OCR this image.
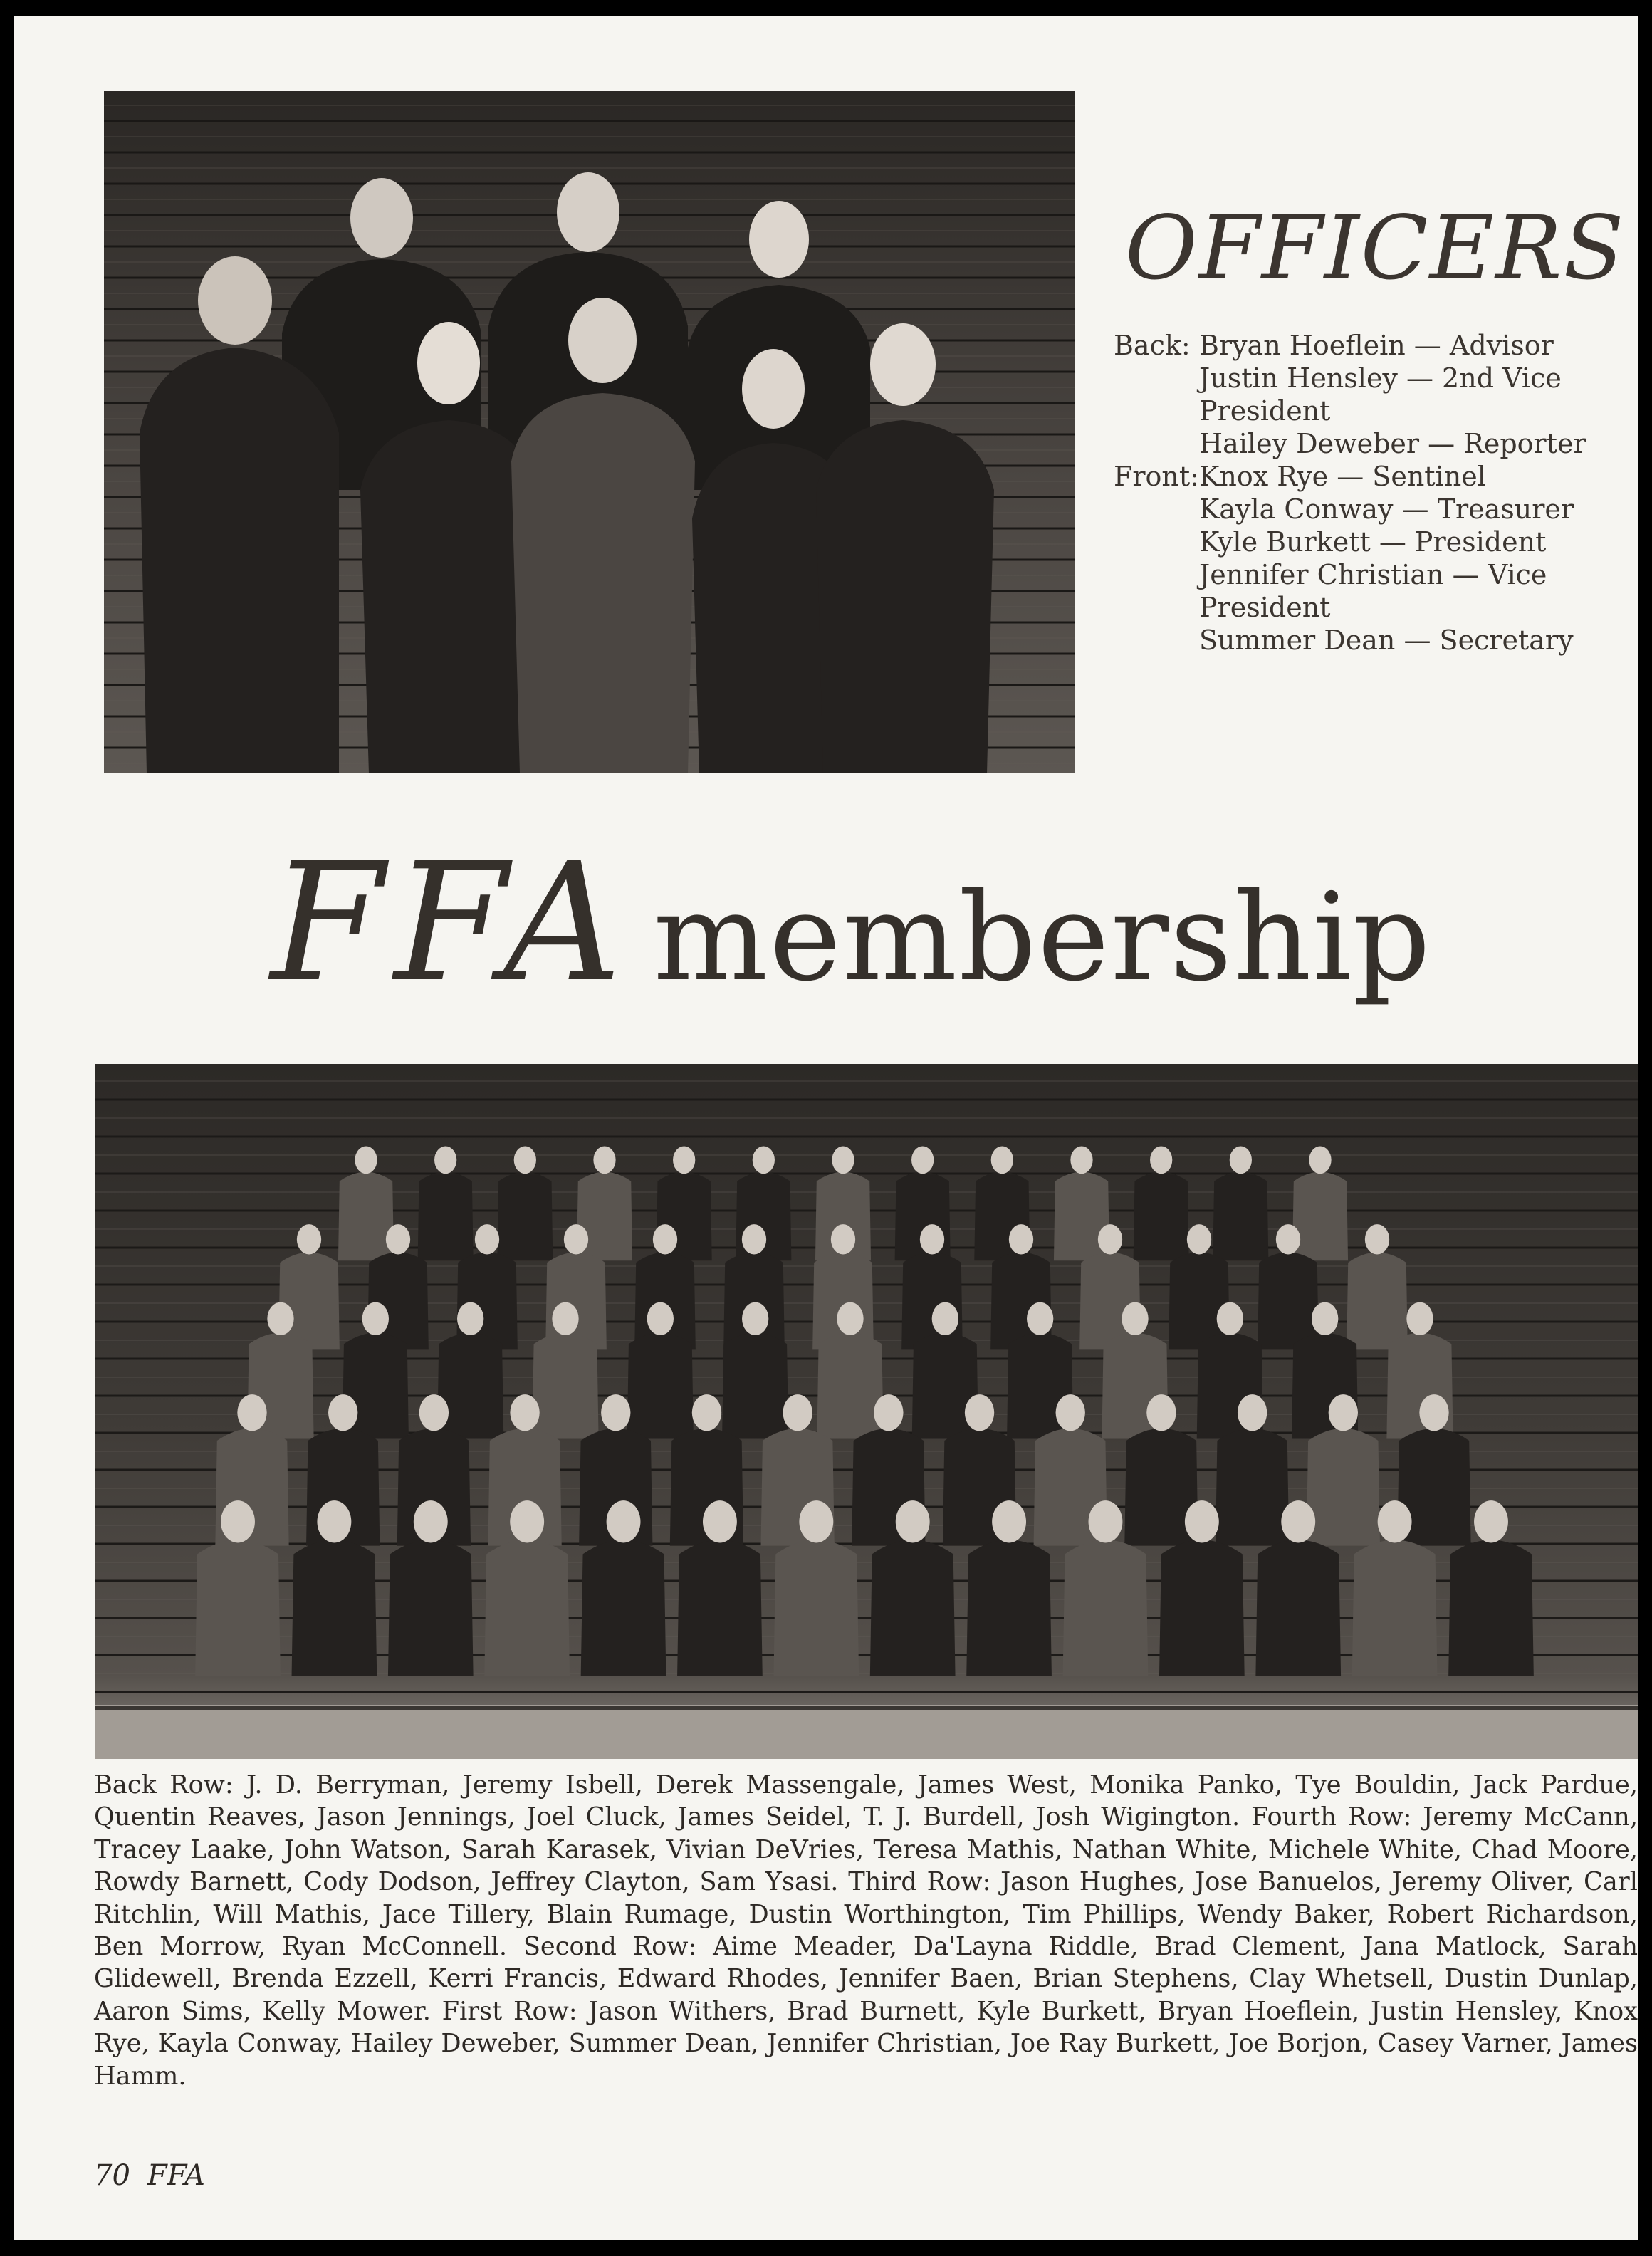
OFFICERS
Back: Bryan Hoeflein — Advisor
Justin Hensley — 2nd Vice
President
Hailey Deweber — Reporter
Front: Knox Rye — Sentinel
Kayla Conway — Treasurer
Kyle Burkett — President
Jennifer Christian — Vice
President
Summer Dean — Secretary
FFA membership
Back Row: J. D. Berryman, Jeremy Isbell, Derek Massengale, James West, Monika Panko, Tye Bouldin, Jack Pardue, Quentin Reaves, Jason Jennings, Joel Cluck, James Seidel, T. J. Burdell, Josh Wigington. Fourth Row: Jeremy McCann, Tracey Laake, John Watson, Sarah Karasek, Vivian DeVries, Teresa Mathis, Nathan White, Michele White, Chad Moore, Rowdy Barnett, Cody Dodson, Jeffrey Clayton, Sam Ysasi. Third Row: Jason Hughes, Jose Banuelos, Jeremy Oliver, Carl Ritchlin, Will Mathis, Jace Tillery, Blain Rumage, Dustin Worthington, Tim Phillips, Wendy Baker, Robert Richardson, Ben Morrow, Ryan McConnell. Second Row: Aime Meader, Da'Layna Riddle, Brad Clement, Jana Matlock, Sarah Glidewell, Brenda Ezzell, Kerri Francis, Edward Rhodes, Jennifer Baen, Brian Stephens, Clay Whetsell, Dustin Dunlap, Aaron Sims, Kelly Mower. First Row: Jason Withers, Brad Burnett, Kyle Burkett, Bryan Hoeflein, Justin Hensley, Knox Rye, Kayla Conway, Hailey Deweber, Summer Dean, Jennifer Christian, Joe Ray Burkett, Joe Borjon, Casey Varner, James Hamm.
70 FFA
